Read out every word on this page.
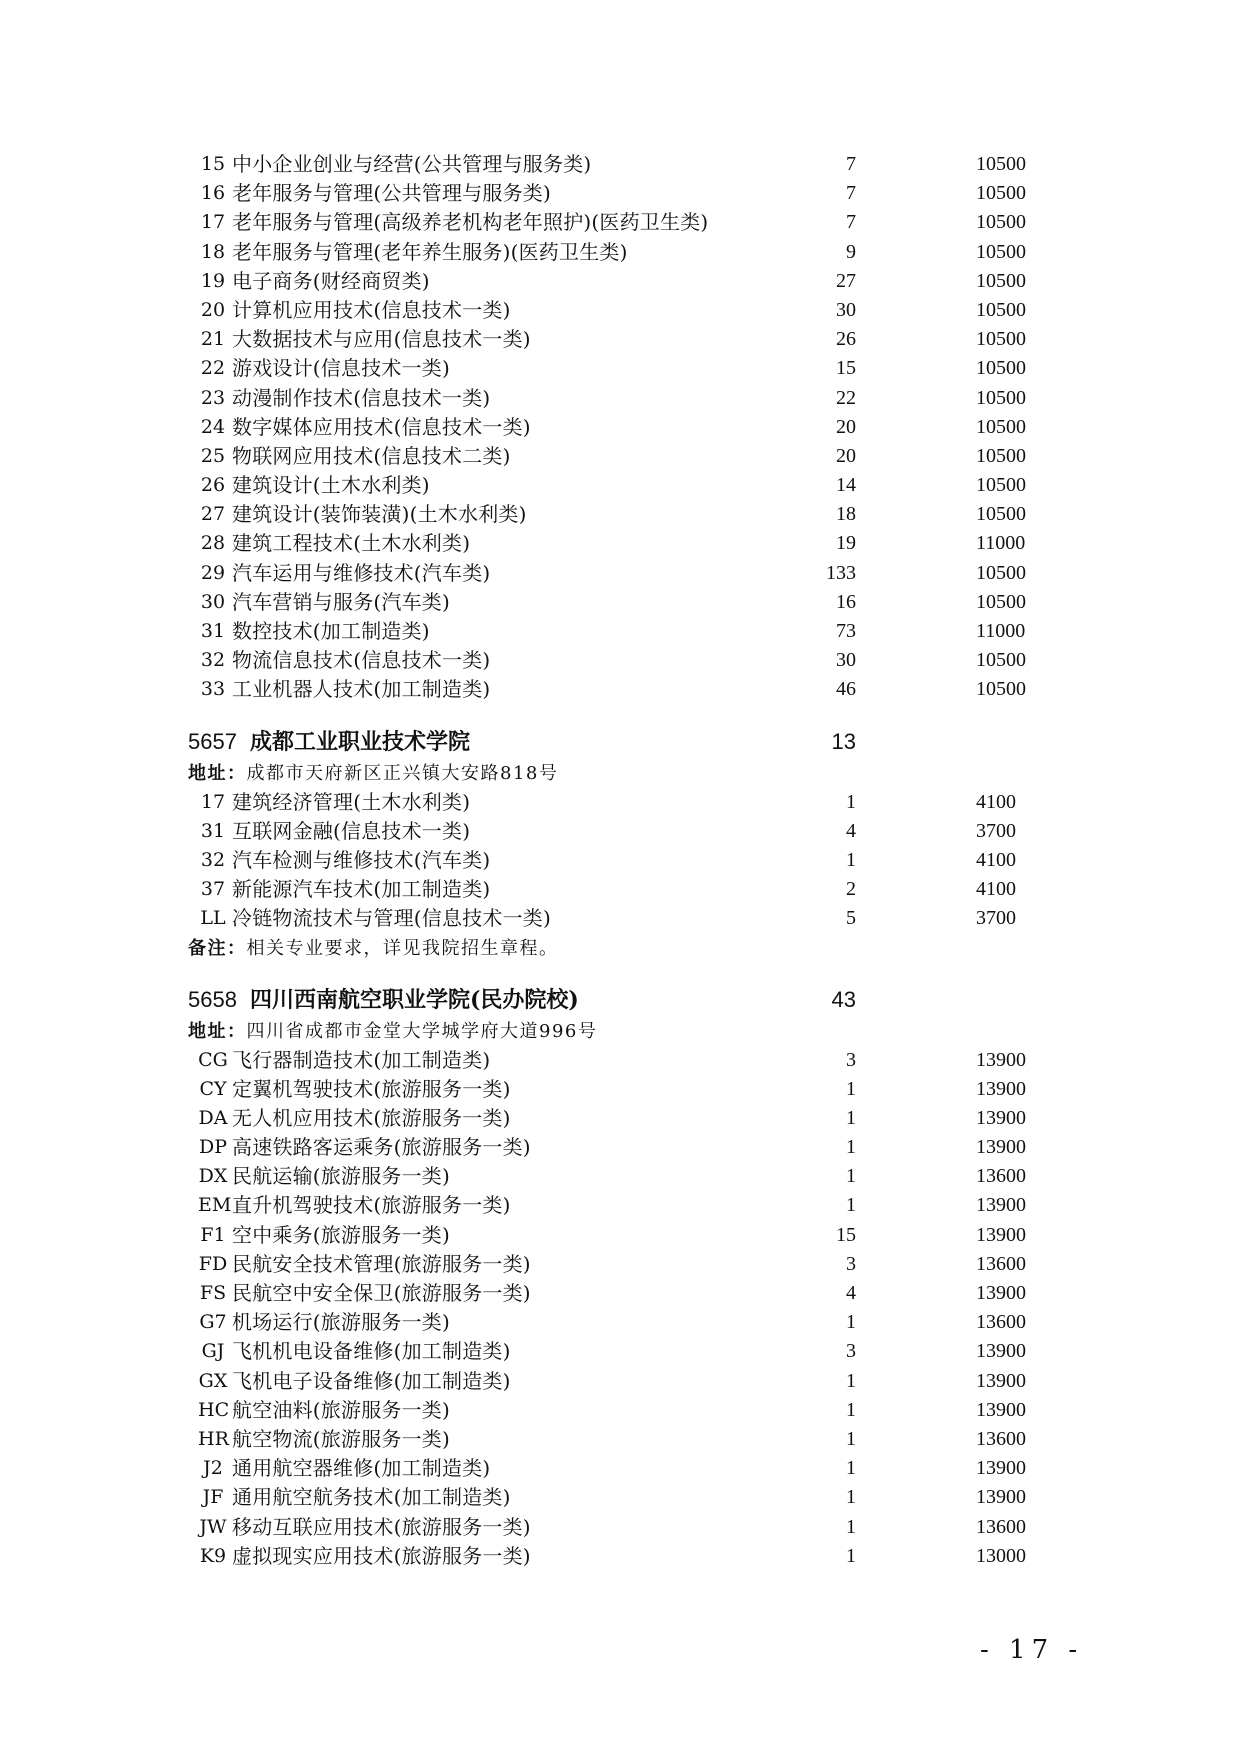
15 中小企业创业与经营(公共管理与服务类)	7	10500
16 老年服务与管理(公共管理与服务类)	7	10500
17 老年服务与管理(高级养老机构老年照护)(医药卫生类)	7	10500
18 老年服务与管理(老年养生服务)(医药卫生类)	9	10500
19 电子商务(财经商贸类)	27	10500
20 计算机应用技术(信息技术一类)	30	10500
21 大数据技术与应用(信息技术一类)	26	10500
22 游戏设计(信息技术一类)	15	10500
23 动漫制作技术(信息技术一类)	22	10500
24 数字媒体应用技术(信息技术一类)	20	10500
25 物联网应用技术(信息技术二类)	20	10500
26 建筑设计(土木水利类)	14	10500
27 建筑设计(装饰装潢)(土木水利类)	18	10500
28 建筑工程技术(土木水利类)	19	11000
29 汽车运用与维修技术(汽车类)	133	10500
30 汽车营销与服务(汽车类)	16	10500
31 数控技术(加工制造类)	73	11000
32 物流信息技术(信息技术一类)	30	10500
33 工业机器人技术(加工制造类)	46	10500
5657 成都工业职业技术学院	13
地址：成都市天府新区正兴镇大安路818号
17 建筑经济管理(土木水利类)	1	4100
31 互联网金融(信息技术一类)	4	3700
32 汽车检测与维修技术(汽车类)	1	4100
37 新能源汽车技术(加工制造类)	2	4100
LL 冷链物流技术与管理(信息技术一类)	5	3700
备注：相关专业要求，详见我院招生章程。
5658 四川西南航空职业学院(民办院校)	43
地址：四川省成都市金堂大学城学府大道996号
CG 飞行器制造技术(加工制造类)	3	13900
CY 定翼机驾驶技术(旅游服务一类)	1	13900
DA 无人机应用技术(旅游服务一类)	1	13900
DP 高速铁路客运乘务(旅游服务一类)	1	13900
DX 民航运输(旅游服务一类)	1	13600
EM 直升机驾驶技术(旅游服务一类)	1	13900
F1 空中乘务(旅游服务一类)	15	13900
FD 民航安全技术管理(旅游服务一类)	3	13600
FS 民航空中安全保卫(旅游服务一类)	4	13900
G7 机场运行(旅游服务一类)	1	13600
GJ 飞机机电设备维修(加工制造类)	3	13900
GX 飞机电子设备维修(加工制造类)	1	13900
HC 航空油料(旅游服务一类)	1	13900
HR 航空物流(旅游服务一类)	1	13600
J2 通用航空器维修(加工制造类)	1	13900
JF 通用航空航务技术(加工制造类)	1	13900
JW 移动互联应用技术(旅游服务一类)	1	13600
K9 虚拟现实应用技术(旅游服务一类)	1	13000
- 17 -
